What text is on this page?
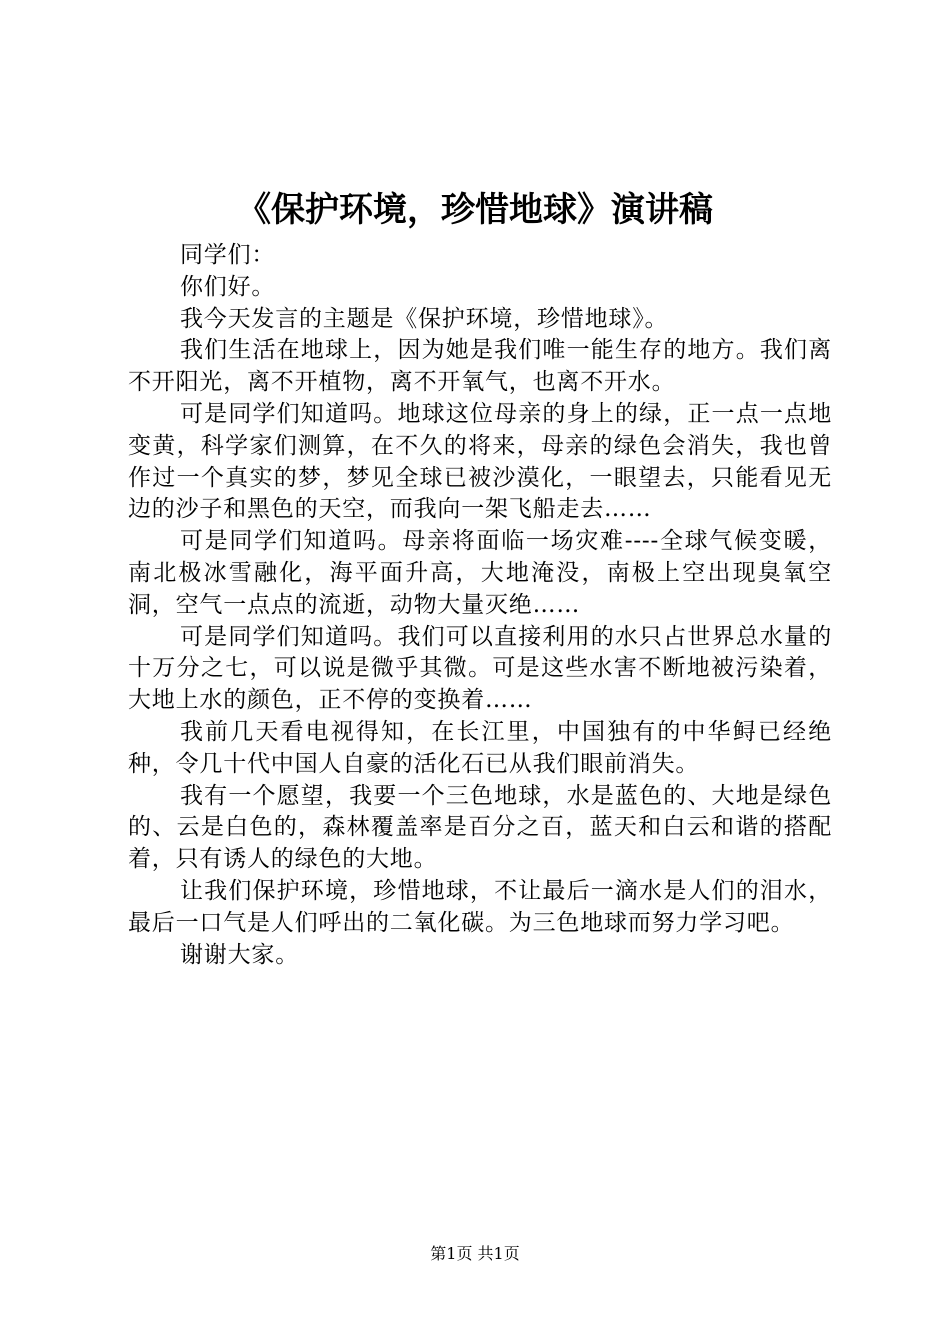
《保护环境，珍惜地球》演讲稿

同学们：

你们好。

我今天发言的主题是《保护环境，珍惜地球》。

我们生活在地球上，因为她是我们唯一能生存的地方。我们离不开阳光，离不开植物，离不开氧气，也离不开水。

可是同学们知道吗。地球这位母亲的身上的绿，正一点一点地变黄，科学家们测算，在不久的将来，母亲的绿色会消失，我也曾作过一个真实的梦，梦见全球已被沙漠化，一眼望去，只能看见无边的沙子和黑色的天空，而我向一架飞船走去……

可是同学们知道吗。母亲将面临一场灾难----全球气候变暖，南北极冰雪融化，海平面升高，大地淹没，南极上空出现臭氧空洞，空气一点点的流逝，动物大量灭绝……

可是同学们知道吗。我们可以直接利用的水只占世界总水量的十万分之七，可以说是微乎其微。可是这些水害不断地被污染着，大地上水的颜色，正不停的变换着……

我前几天看电视得知，在长江里，中国独有的中华鲟已经绝种，令几十代中国人自豪的活化石已从我们眼前消失。

我有一个愿望，我要一个三色地球，水是蓝色的、大地是绿色的、云是白色的，森林覆盖率是百分之百，蓝天和白云和谐的搭配着，只有诱人的绿色的大地。

让我们保护环境，珍惜地球，不让最后一滴水是人们的泪水，最后一口气是人们呼出的二氧化碳。为三色地球而努力学习吧。

谢谢大家。

第1页 共1页
